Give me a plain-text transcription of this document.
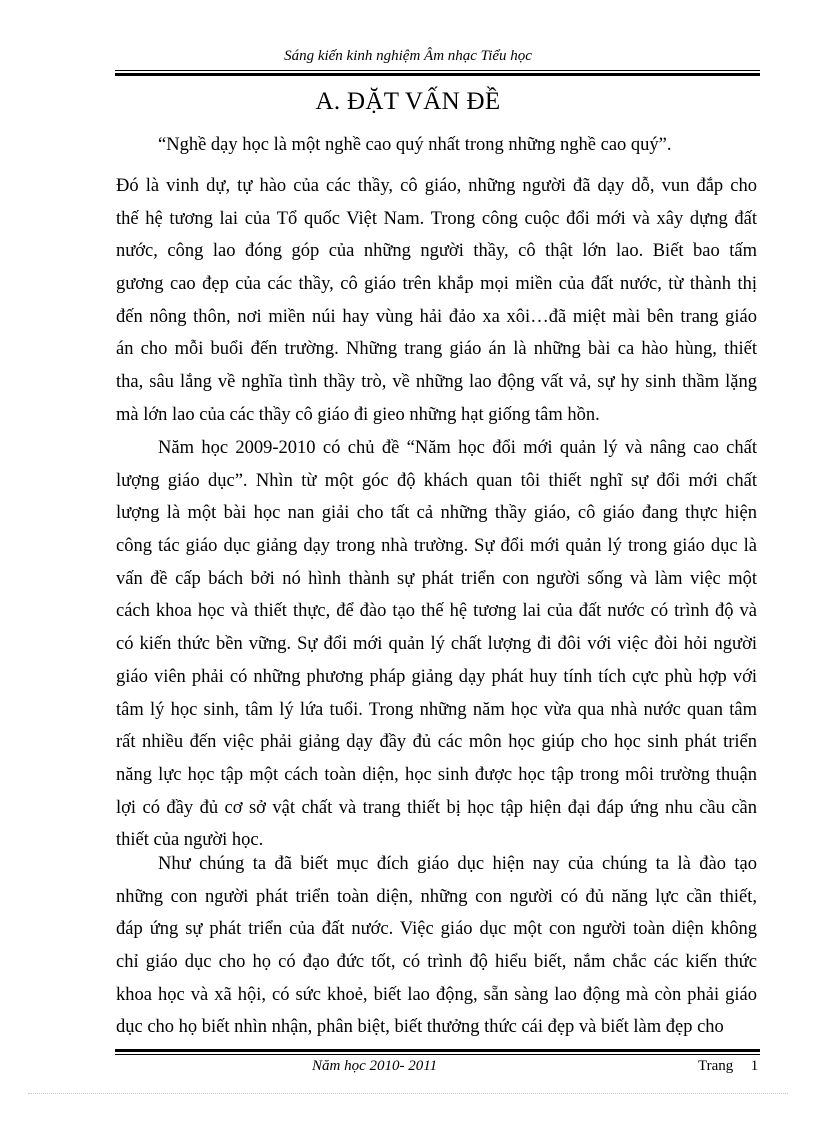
Sáng kiến kinh nghiệm Âm nhạc Tiểu học
A. ĐẶT VẤN ĐỀ
“Nghề dạy học là một nghề cao quý nhất trong những nghề cao quý”.
Đó là vinh dự, tự hào của các thầy, cô giáo, những người đã dạy dỗ, vun đắp cho
thế hệ tương lai của Tổ quốc Việt Nam. Trong công cuộc đổi mới và xây dựng đất
nước, công lao đóng góp của những người thầy, cô thật lớn lao. Biết bao tấm
gương cao đẹp của các thầy, cô giáo trên khắp mọi miền của đất nước, từ thành thị
đến nông thôn, nơi miền núi hay vùng hải đảo xa xôi…đã miệt mài bên trang giáo
án cho mỗi buổi đến trường. Những trang giáo án là những bài ca hào hùng, thiết
tha, sâu lắng về nghĩa tình thầy trò, về những lao động vất vả, sự hy sinh thầm lặng
mà lớn lao của các thầy cô giáo đi gieo những hạt giống tâm hồn.
Năm học 2009-2010 có chủ đề “Năm học đổi mới quản lý và nâng cao chất
lượng giáo dục”. Nhìn từ một góc độ khách quan tôi thiết nghĩ sự đổi mới chất
lượng là một bài học nan giải cho tất cả những thầy giáo, cô giáo đang thực hiện
công tác giáo dục giảng dạy trong nhà trường. Sự đổi mới quản lý trong giáo dục là
vấn đề cấp bách bởi nó hình thành sự phát triển con người sống và làm việc một
cách khoa học và thiết thực, để đào tạo thế hệ tương lai của đất nước có trình độ và
có kiến thức bền vững. Sự đổi mới quản lý chất lượng đi đôi với việc đòi hỏi người
giáo viên phải có những phương pháp giảng dạy phát huy tính tích cực phù hợp với
tâm lý học sinh, tâm lý lứa tuổi. Trong những năm học vừa qua nhà nước quan tâm
rất nhiều đến việc phải giảng dạy đầy đủ các môn học giúp cho học sinh phát triển
năng lực học tập một cách toàn diện, học sinh được học tập trong môi trường thuận
lợi có đầy đủ cơ sở vật chất và trang thiết bị học tập hiện đại đáp ứng nhu cầu cần
thiết của người học.
Như chúng ta đã biết mục đích giáo dục hiện nay của chúng ta là đào tạo
những con người phát triển toàn diện, những con người có đủ năng lực cần thiết,
đáp ứng sự phát triển của đất nước. Việc giáo dục một con người toàn diện không
chỉ giáo dục cho họ có đạo đức tốt, có trình độ hiểu biết, nắm chắc các kiến thức
khoa học và xã hội, có sức khoẻ, biết lao động, sẵn sàng lao động mà còn phải giáo
dục cho họ biết nhìn nhận, phân biệt, biết thưởng thức cái đẹp và biết làm đẹp cho
Năm học 2010- 2011	Trang 1
